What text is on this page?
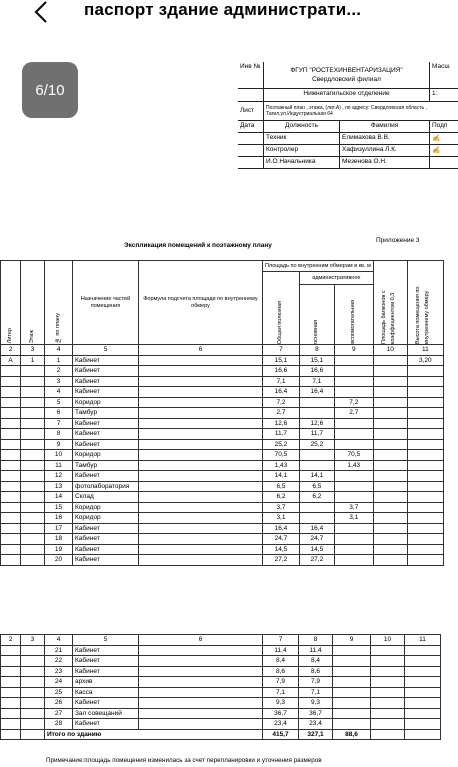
паспорт здание администрати...
6/10
Инв №
ФГУП "РОСТЕХИНВЕНТАРИЗАЦИЯ"
Свердловский филиал
Масш
Нижнетагильское отделение	1:
Лист	Поэтажный план , этажа, (лит.А) , по адресу: Свердловская область ,
Тагил,ул.Индустриальная 64
Дата	Должность	Фамилия	Подп
Техник	Елимахова В.В.	✍
Контролер	Хафизуллина Л.К.	✍
И.О.Начальника	Мезенова О.Н.
Приложение 3
Экспликация помещений к поэтажному плану
Литер	Этаж	№ по плану	Назначение частей помещения	Формула подсчета площади по внутреннему обмеру	Площадь по внутренним обмерам в кв. м			Площадь балконов с коэффициентом 0,3	Высота помещения по внутреннему обмеру

					Общая полезная	административное			

						основная	вспомогательная		

2	3	4	5	6	7	8	9	10	11
А	1	1	Кабинет		15,1	15,1			3,20
		2	Кабинет		16,6	16,6			
		3	Кабинет		7,1	7,1			
		4	Кабинет		16,4	16,4			
		5	Коридор		7,2		7,2		
		6	Тамбур		2,7		2,7		
		7	Кабинет		12,6	12,6			
		8	Кабинет		11,7	11,7			
		9	Кабинет		25,2	25,2			
		10	Коридор		70,5		70,5		
		11	Тамбур		1,43		1,43		
		12	Кабинет		14,1	14,1			
		13	фотолаборатория		6,5	6,5			
		14	Склад		6,2	6,2			
		15	Коридор		3,7		3,7		
		16	Коридор		3,1		3,1		
		17	Кабинет		16,4	16,4			
		18	Кабинет		24,7	24,7			
		19	Кабинет		14,5	14,5			
		20	Кабинет		27,2	27,2			
2	3	4	5	6	7	8	9	10	11
		21	Кабинет		11,4	11,4			
		22	Кабинет		8,4	8,4			
		23	Кабинет		8,6	8,6			
		24	архив		7,9	7,9			
		25	Касса		7,1	7,1			
		26	Кабинет		9,3	9,3			
		27	Зал совещаний		36,7	36,7			
		28	Кабинет		23,4	23,4			
		Итого по зданию			415,7	327,1	88,6		
Примечание:площадь помещения изменилась за счет перепланировки и уточнения размеров
